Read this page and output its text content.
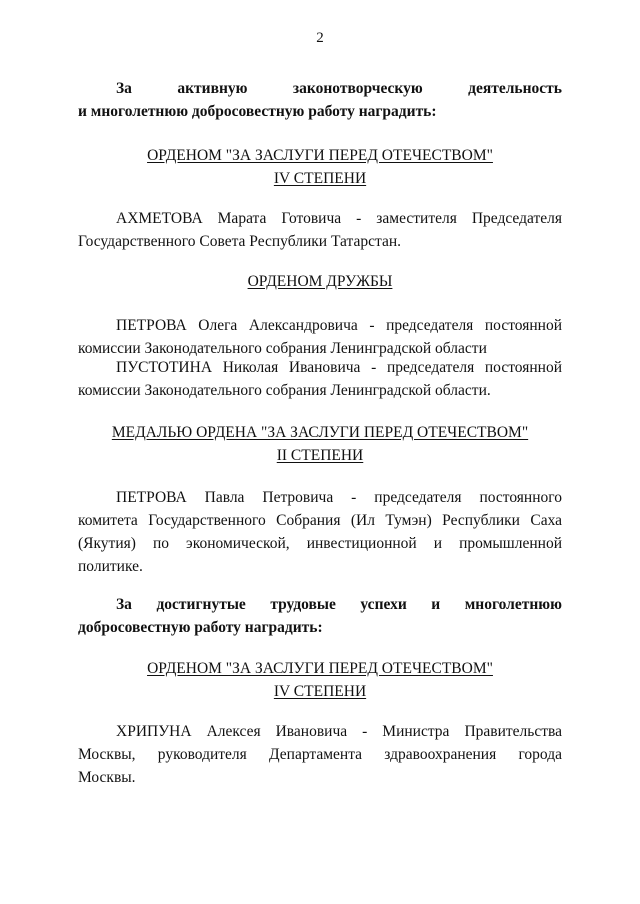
2
За активную законотворческую деятельность
и многолетнюю добросовестную работу наградить:
ОРДЕНОМ "ЗА ЗАСЛУГИ ПЕРЕД ОТЕЧЕСТВОМ"
IV СТЕПЕНИ
АХМЕТОВА Марата Готовича - заместителя Председателя
Государственного Совета Республики Татарстан.
ОРДЕНОМ ДРУЖБЫ
ПЕТРОВА Олега Александровича - председателя постоянной
комиссии Законодательного собрания Ленинградской области
ПУСТОТИНА Николая Ивановича - председателя постоянной
комиссии Законодательного собрания Ленинградской области.
МЕДАЛЬЮ ОРДЕНА "ЗА ЗАСЛУГИ ПЕРЕД ОТЕЧЕСТВОМ"
II СТЕПЕНИ
ПЕТРОВА Павла Петровича - председателя постоянного
комитета Государственного Собрания (Ил Тумэн) Республики Саха
(Якутия) по экономической, инвестиционной и промышленной
политике.
За достигнутые трудовые успехи и многолетнюю
добросовестную работу наградить:
ОРДЕНОМ "ЗА ЗАСЛУГИ ПЕРЕД ОТЕЧЕСТВОМ"
IV СТЕПЕНИ
ХРИПУНА Алексея Ивановича - Министра Правительства
Москвы, руководителя Департамента здравоохранения города
Москвы.
